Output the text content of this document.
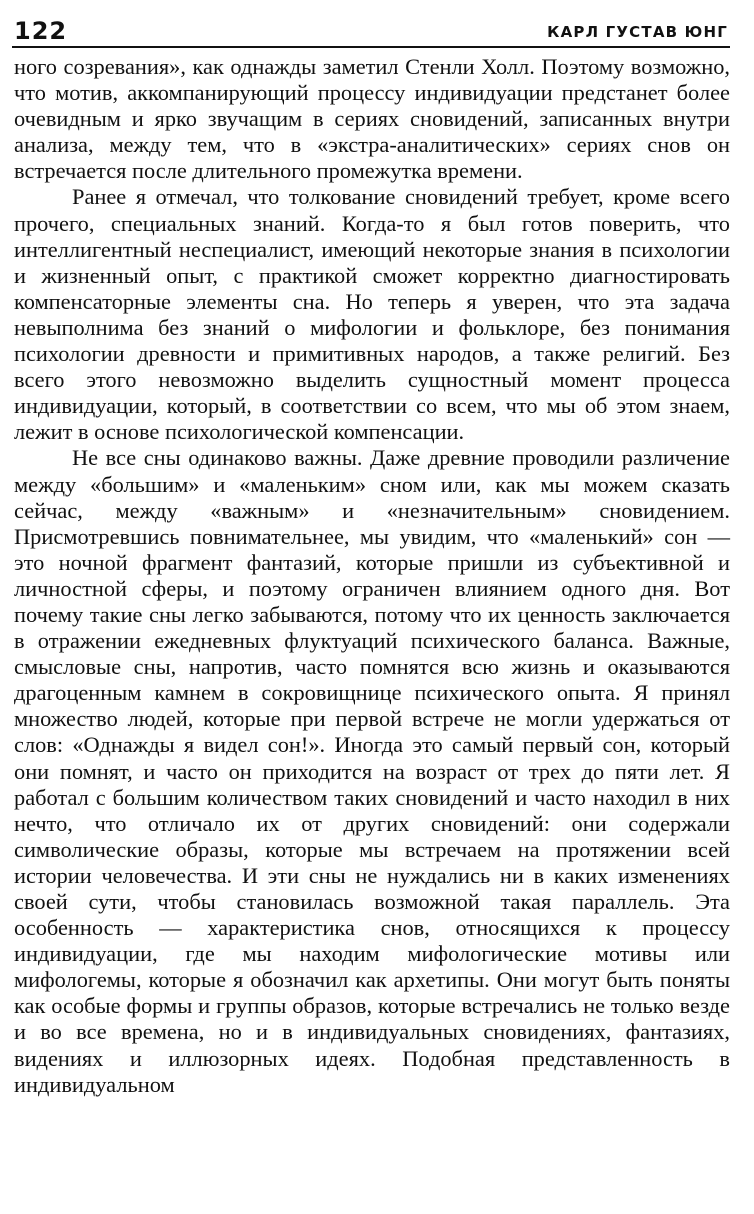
122	КАРЛ ГУСТАВ ЮНГ

ного созревания», как однажды заметил Стенли Холл. Поэтому возможно, что мотив, аккомпанирующий процессу индивидуации предстанет более очевидным и ярко звучащим в сериях сновидений, записанных внутри анализа, между тем, что в «экстра-аналитических» сериях снов он встречается после длительного промежутка времени.

Ранее я отмечал, что толкование сновидений требует, кроме всего прочего, специальных знаний. Когда-то я был готов поверить, что интеллигентный неспециалист, имеющий некоторые знания в психологии и жизненный опыт, с практикой сможет корректно диагностировать компенсаторные элементы сна. Но теперь я уверен, что эта задача невыполнима без знаний о мифологии и фольклоре, без понимания психологии древности и примитивных народов, а также религий. Без всего этого невозможно выделить сущностный момент процесса индивидуации, который, в соответствии со всем, что мы об этом знаем, лежит в основе психологической компенсации.

Не все сны одинаково важны. Даже древние проводили различение между «большим» и «маленьким» сном или, как мы можем сказать сейчас, между «важным» и «незначительным» сновидением. Присмотревшись повнимательнее, мы увидим, что «маленький» сон — это ночной фрагмент фантазий, которые пришли из субъективной и личностной сферы, и поэтому ограничен влиянием одного дня. Вот почему такие сны легко забываются, потому что их ценность заключается в отражении ежедневных флуктуаций психического баланса. Важные, смысловые сны, напротив, часто помнятся всю жизнь и оказываются драгоценным камнем в сокровищнице психического опыта. Я принял множество людей, которые при первой встрече не могли удержаться от слов: «Однажды я видел сон!». Иногда это самый первый сон, который они помнят, и часто он приходится на возраст от трех до пяти лет. Я работал с большим количеством таких сновидений и часто находил в них нечто, что отличало их от других сновидений: они содержали символические образы, которые мы встречаем на протяжении всей истории человечества. И эти сны не нуждались ни в каких изменениях своей сути, чтобы становилась возможной такая параллель. Эта особенность — характеристика снов, относящихся к процессу индивидуации, где мы находим мифологические мотивы или мифологемы, которые я обозначил как архетипы. Они могут быть поняты как особые формы и группы образов, которые встречались не только везде и во все времена, но и в индивидуальных сновидениях, фантазиях, видениях и иллюзорных идеях. Подобная представленность в индивидуальном
